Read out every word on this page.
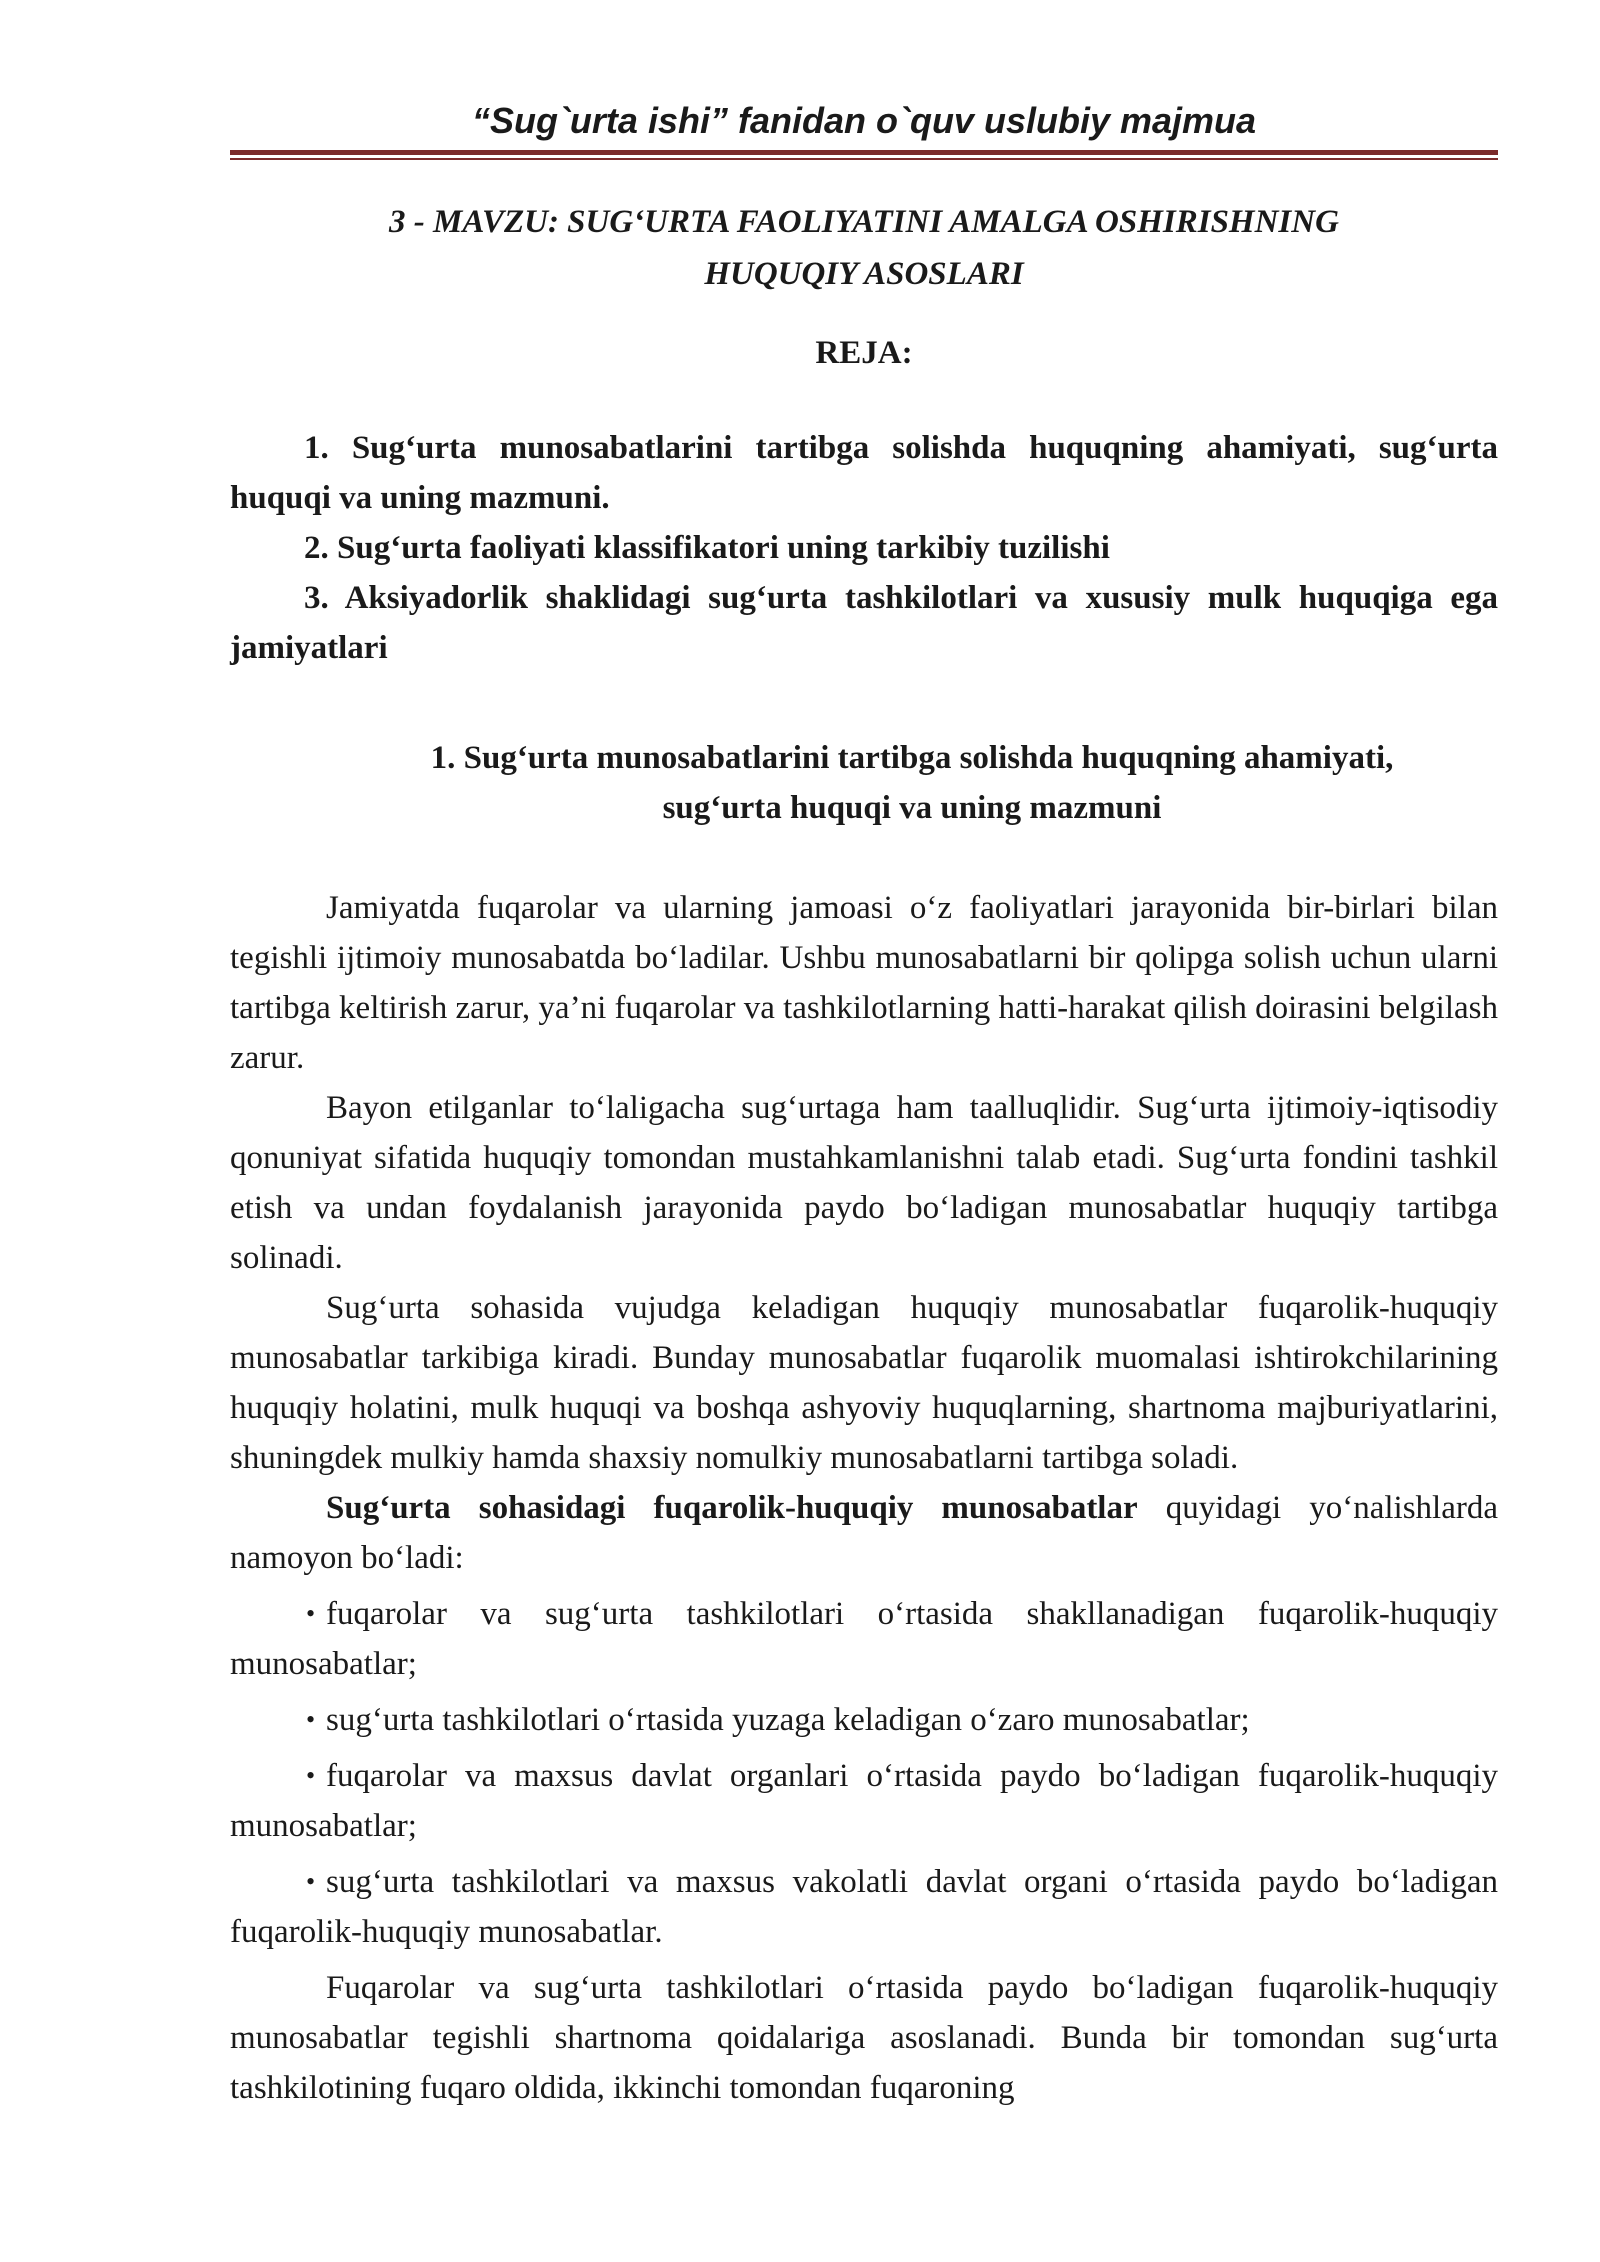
“Sug`urta ishi” fanidan o`quv uslubiy majmua
3 - MAVZU: SUG‘URTA FAOLIYATINI AMALGA OSHIRISHNING
HUQUQIY ASOSLARI
REJA:
1. Sug‘urta munosabatlarini tartibga solishda huquqning ahamiyati, sug‘urta huquqi va uning mazmuni.
2. Sug‘urta faoliyati klassifikatori uning tarkibiy tuzilishi
3. Aksiyadorlik shaklidagi sug‘urta tashkilotlari va xususiy mulk huquqiga ega jamiyatlari
1. Sug‘urta munosabatlarini tartibga solishda huquqning ahamiyati,
sug‘urta huquqi va uning mazmuni

Jamiyatda fuqarolar va ularning jamoasi o‘z faoliyatlari jarayonida bir-birlari bilan tegishli ijtimoiy munosabatda bo‘ladilar. Ushbu munosabatlarni bir qolipga solish uchun ularni tartibga keltirish zarur, ya’ni fuqarolar va tashkilotlarning hatti-harakat qilish doirasini belgilash zarur.

Bayon etilganlar to‘laligacha sug‘urtaga ham taalluqlidir. Sug‘urta ijtimoiy-iqtisodiy qonuniyat sifatida huquqiy tomondan mustahkamlanishni talab etadi. Sug‘urta fondini tashkil etish va undan foydalanish jarayonida paydo bo‘ladigan munosabatlar huquqiy tartibga solinadi.

Sug‘urta sohasida vujudga keladigan huquqiy munosabatlar fuqarolik-huquqiy munosabatlar tarkibiga kiradi. Bunday munosabatlar fuqarolik muomalasi ishtirokchilarining huquqiy holatini, mulk huquqi va boshqa ashyoviy huquqlarning, shartnoma majburiyatlarini, shuningdek mulkiy hamda shaxsiy nomulkiy munosabatlarni tartibga soladi.

Sug‘urta sohasidagi fuqarolik-huquqiy munosabatlar quyidagi yo‘nalishlarda namoyon bo‘ladi:

• fuqarolar va sug‘urta tashkilotlari o‘rtasida shakllanadigan fuqarolik-huquqiy munosabatlar;
• sug‘urta tashkilotlari o‘rtasida yuzaga keladigan o‘zaro munosabatlar;
• fuqarolar va maxsus davlat organlari o‘rtasida paydo bo‘ladigan fuqarolik-huquqiy munosabatlar;
• sug‘urta tashkilotlari va maxsus vakolatli davlat organi o‘rtasida paydo bo‘ladigan fuqarolik-huquqiy munosabatlar.

Fuqarolar va sug‘urta tashkilotlari o‘rtasida paydo bo‘ladigan fuqarolik-huquqiy munosabatlar tegishli shartnoma qoidalariga asoslanadi. Bunda bir tomondan sug‘urta tashkilotining fuqaro oldida, ikkinchi tomondan fuqaroning
